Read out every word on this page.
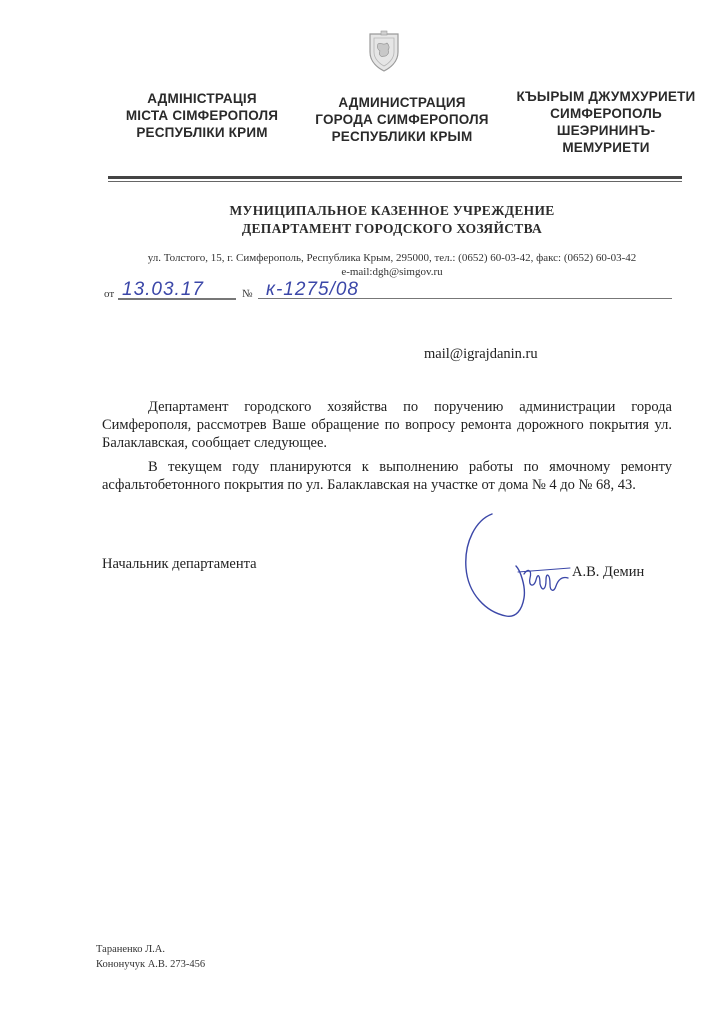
АДМІНІСТРАЦІЯ
МІСТА СІМФЕРОПОЛЯ
РЕСПУБЛІКИ КРИМ
АДМИНИСТРАЦИЯ
ГОРОДА СИМФЕРОПОЛЯ
РЕСПУБЛИКИ КРЫМ
КЪЫРЫМ ДЖУМХУРИЕТИ
СИМФЕРОПОЛЬ
ШЕЭРИНИНЪ-
МЕМУРИЕТИ
МУНИЦИПАЛЬНОЕ КАЗЕННОЕ УЧРЕЖДЕНИЕ
ДЕПАРТАМЕНТ ГОРОДСКОГО ХОЗЯЙСТВА
ул. Толстого, 15, г. Симферополь, Республика Крым, 295000, тел.: (0652) 60-03-42, факс: (0652) 60-03-42
e-mail:dgh@simgov.ru
от 13.03.17	№ к-1275/08
mail@igrajdanin.ru
Департамент городского хозяйства по поручению администрации города Симферополя, рассмотрев Ваше обращение по вопросу ремонта дорожного покрытия ул. Балаклавская, сообщает следующее.
В текущем году планируются к выполнению работы по ямочному ремонту асфальтобетонного покрытия по ул. Балаклавская на участке от дома № 4 до № 68, 43.
Начальник департамента	А.В. Демин
Тараненко Л.А.
Кононучук А.В. 273-456
